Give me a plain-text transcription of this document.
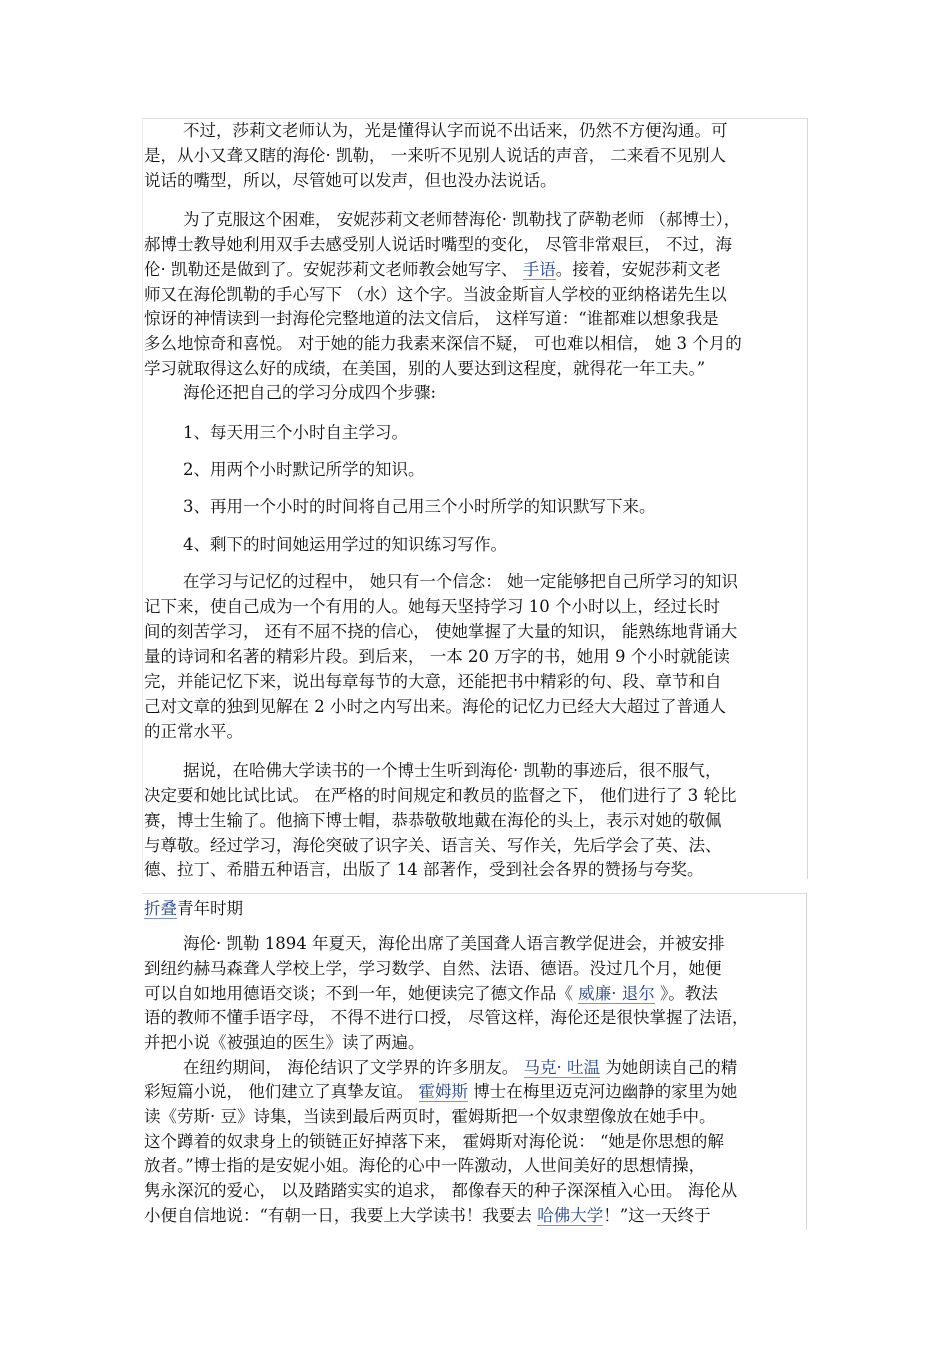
不过，莎莉文老师认为，光是懂得认字而说不出话来，仍然不方便沟通。可
是，从小又聋又瞎的海伦· 凯勒， 一来听不见别人说话的声音， 二来看不见别人
说话的嘴型，所以，尽管她可以发声，但也没办法说话。
为了克服这个困难， 安妮莎莉文老师替海伦· 凯勒找了萨勒老师 （郝博士），
郝博士教导她利用双手去感受别人说话时嘴型的变化， 尽管非常艰巨， 不过，海
伦· 凯勒还是做到了。安妮莎莉文老师教会她写字、 手语。接着，安妮莎莉文老
师又在海伦凯勒的手心写下 （水）这个字。当波金斯盲人学校的亚纳格诺先生以
惊讶的神情读到一封海伦完整地道的法文信后， 这样写道：“谁都难以想象我是
多么地惊奇和喜悦。 对于她的能力我素来深信不疑， 可也难以相信， 她 3 个月的
学习就取得这么好的成绩，在美国，别的人要达到这程度，就得花一年工夫。”
海伦还把自己的学习分成四个步骤:
1、每天用三个小时自主学习。
2、用两个小时默记所学的知识。
3、再用一个小时的时间将自己用三个小时所学的知识默写下来。
4、剩下的时间她运用学过的知识练习写作。
在学习与记忆的过程中， 她只有一个信念： 她一定能够把自己所学习的知识
记下来，使自己成为一个有用的人。她每天坚持学习 10 个小时以上，经过长时
间的刻苦学习， 还有不屈不挠的信心， 使她掌握了大量的知识， 能熟练地背诵大
量的诗词和名著的精彩片段。到后来， 一本 20 万字的书，她用 9 个小时就能读
完，并能记忆下来，说出每章每节的大意，还能把书中精彩的句、段、章节和自
己对文章的独到见解在 2 小时之内写出来。海伦的记忆力已经大大超过了普通人
的正常水平。
据说，在哈佛大学读书的一个博士生听到海伦· 凯勒的事迹后，很不服气，
决定要和她比试比试。 在严格的时间规定和教员的监督之下， 他们进行了 3 轮比
赛，博士生输了。他摘下博士帽，恭恭敬敬地戴在海伦的头上，表示对她的敬佩
与尊敬。经过学习，海伦突破了识字关、语言关、写作关，先后学会了英、法、
德、拉丁、希腊五种语言，出版了 14 部著作，受到社会各界的赞扬与夸奖。
折叠青年时期
海伦· 凯勒 1894 年夏天，海伦出席了美国聋人语言教学促进会，并被安排
到纽约赫马森聋人学校上学，学习数学、自然、法语、德语。没过几个月，她便
可以自如地用德语交谈；不到一年，她便读完了德文作品《 威廉· 退尔 》。教法
语的教师不懂手语字母， 不得不进行口授， 尽管这样，海伦还是很快掌握了法语，
并把小说《被强迫的医生》读了两遍。
在纽约期间， 海伦结识了文学界的许多朋友。 马克· 吐温 为她朗读自己的精
彩短篇小说， 他们建立了真挚友谊。 霍姆斯 博士在梅里迈克河边幽静的家里为她
读《劳斯· 豆》诗集，当读到最后两页时，霍姆斯把一个奴隶塑像放在她手中。
这个蹲着的奴隶身上的锁链正好掉落下来， 霍姆斯对海伦说： “她是你思想的解
放者。”博士指的是安妮小姐。海伦的心中一阵激动，人世间美好的思想情操，
隽永深沉的爱心， 以及踏踏实实的追求， 都像春天的种子深深植入心田。 海伦从
小便自信地说：“有朝一日，我要上大学读书！我要去 哈佛大学！”这一天终于
